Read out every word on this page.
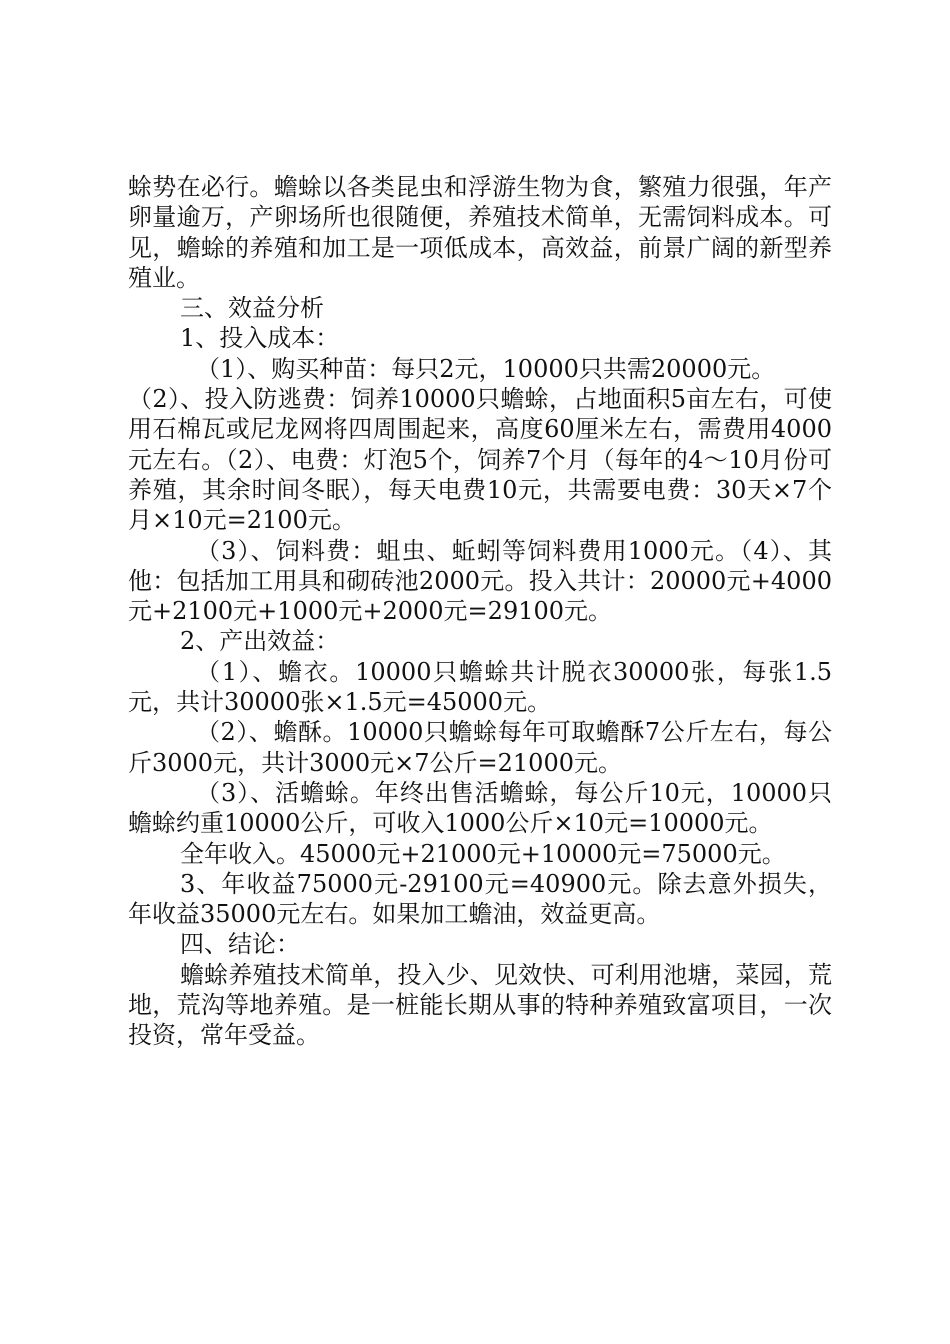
蜍势在必行。蟾蜍以各类昆虫和浮游生物为食，繁殖力很强，年产卵量逾万，产卵场所也很随便，养殖技术简单，无需饲料成本。可见，蟾蜍的养殖和加工是一项低成本，高效益，前景广阔的新型养殖业。

三、效益分析

1、投入成本：

（1）、购买种苗：每只2元，10000只共需20000元。

（2）、投入防逃费：饲养10000只蟾蜍，占地面积5亩左右，可使用石棉瓦或尼龙网将四周围起来，高度60厘米左右，需费用4000元左右。（2）、电费：灯泡5个，饲养7个月（每年的4～10月份可养殖，其余时间冬眠），每天电费10元，共需要电费：30天×7个月×10元=2100元。

（3）、饲料费：蛆虫、蚯蚓等饲料费用1000元。（4）、其他：包括加工用具和砌砖池2000元。投入共计：20000元+4000元+2100元+1000元+2000元=29100元。

2、产出效益：

（1）、蟾衣。10000只蟾蜍共计脱衣30000张，每张1.5元，共计30000张×1.5元=45000元。

（2）、蟾酥。10000只蟾蜍每年可取蟾酥7公斤左右，每公斤3000元，共计3000元×7公斤=21000元。

（3）、活蟾蜍。年终出售活蟾蜍，每公斤10元，10000只蟾蜍约重10000公斤，可收入1000公斤×10元=10000元。

全年收入。45000元+21000元+10000元=75000元。

3、年收益75000元-29100元=40900元。除去意外损失，年收益35000元左右。如果加工蟾油，效益更高。

四、结论：

蟾蜍养殖技术简单，投入少、见效快、可利用池塘，菜园，荒地，荒沟等地养殖。是一桩能长期从事的特种养殖致富项目，一次投资，常年受益。
